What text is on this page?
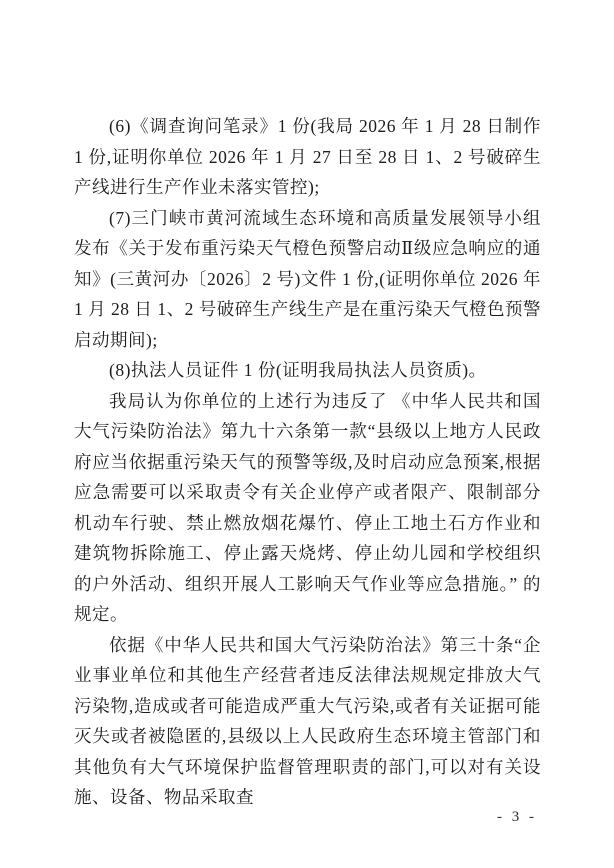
(6)《调查询问笔录》1 份(我局 2026 年 1 月 28 日制作 1 份,证明你单位 2026 年 1 月 27 日至 28 日 1、2 号破碎生产线进行生产作业未落实管控);

(7)三门峡市黄河流域生态环境和高质量发展领导小组发布《关于发布重污染天气橙色预警启动Ⅱ级应急响应的通知》(三黄河办〔2026〕2 号)文件 1 份,(证明你单位 2026 年 1 月 28 日 1、2 号破碎生产线生产是在重污染天气橙色预警启动期间);

(8)执法人员证件 1 份(证明我局执法人员资质)。

我局认为你单位的上述行为违反了 《中华人民共和国大气污染防治法》第九十六条第一款“县级以上地方人民政府应当依据重污染天气的预警等级,及时启动应急预案,根据应急需要可以采取责令有关企业停产或者限产、限制部分机动车行驶、禁止燃放烟花爆竹、停止工地土石方作业和建筑物拆除施工、停止露天烧烤、停止幼儿园和学校组织的户外活动、组织开展人工影响天气作业等应急措施。” 的规定。

依据《中华人民共和国大气污染防治法》第三十条“企业事业单位和其他生产经营者违反法律法规规定排放大气污染物,造成或者可能造成严重大气污染,或者有关证据可能灭失或者被隐匿的,县级以上人民政府生态环境主管部门和其他负有大气环境保护监督管理职责的部门,可以对有关设施、设备、物品采取查

- 3 -
